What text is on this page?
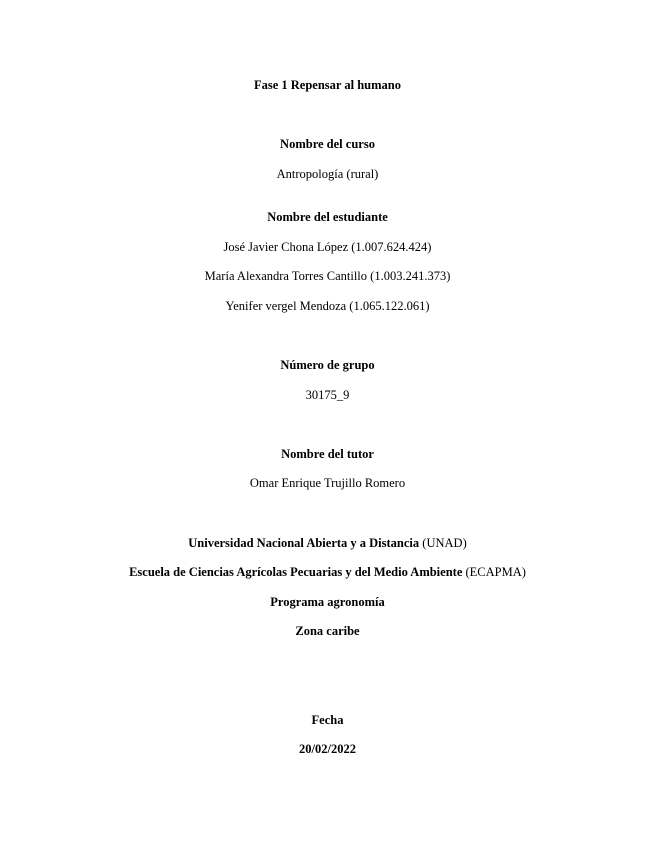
Fase 1 Repensar al humano
Nombre del curso
Antropología (rural)
Nombre del estudiante
José Javier Chona López (1.007.624.424)
María Alexandra Torres Cantillo (1.003.241.373)
Yenifer vergel Mendoza (1.065.122.061)
Número de grupo
30175_9
Nombre del tutor
Omar Enrique Trujillo Romero
Universidad Nacional Abierta y a Distancia (UNAD)
Escuela de Ciencias Agrícolas Pecuarias y del Medio Ambiente (ECAPMA)
Programa agronomía
Zona caribe
Fecha
20/02/2022
